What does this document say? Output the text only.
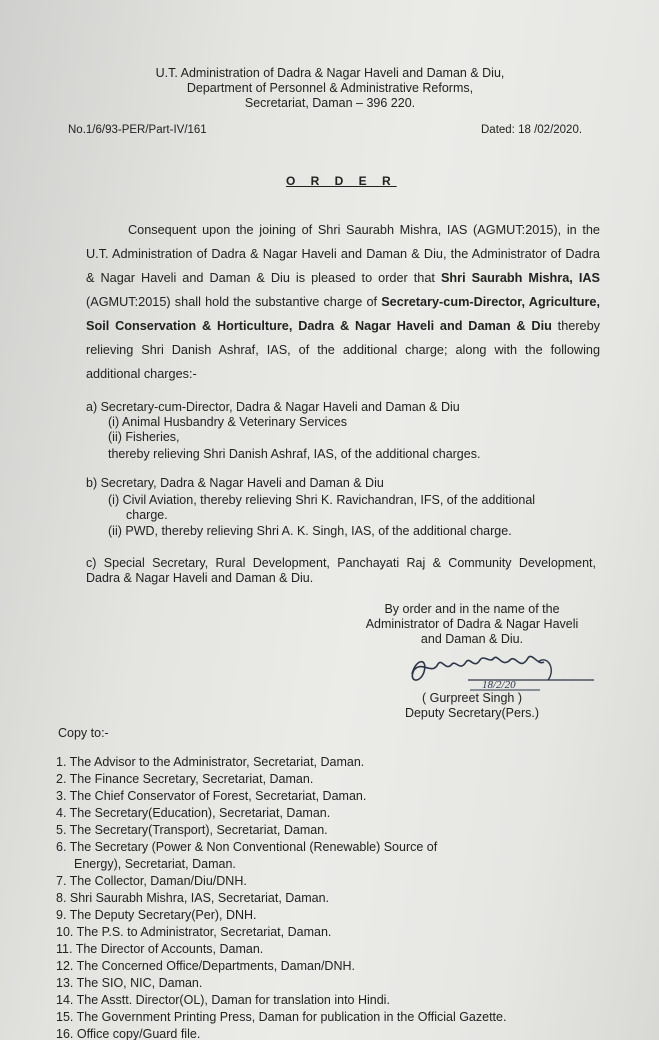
U.T. Administration of Dadra & Nagar Haveli and Daman & Diu,
Department of Personnel & Administrative Reforms,
Secretariat, Daman – 396 220.
No.1/6/93-PER/Part-IV/161	Dated: 18 /02/2020.
O R D E R
Consequent upon the joining of Shri Saurabh Mishra, IAS (AGMUT:2015), in the U.T. Administration of Dadra & Nagar Haveli and Daman & Diu, the Administrator of Dadra & Nagar Haveli and Daman & Diu is pleased to order that Shri Saurabh Mishra, IAS (AGMUT:2015) shall hold the substantive charge of Secretary-cum-Director, Agriculture, Soil Conservation & Horticulture, Dadra & Nagar Haveli and Daman & Diu thereby relieving Shri Danish Ashraf, IAS, of the additional charge; along with the following additional charges:-
a) Secretary-cum-Director, Dadra & Nagar Haveli and Daman & Diu
(i) Animal Husbandry & Veterinary Services
(ii) Fisheries,
thereby relieving Shri Danish Ashraf, IAS, of the additional charges.
b) Secretary, Dadra & Nagar Haveli and Daman & Diu
(i) Civil Aviation, thereby relieving Shri K. Ravichandran, IFS, of the additional
charge.
(ii) PWD, thereby relieving Shri A. K. Singh, IAS, of the additional charge.
c) Special Secretary, Rural Development, Panchayati Raj & Community Development, Dadra & Nagar Haveli and Daman & Diu.
By order and in the name of the
Administrator of Dadra & Nagar Haveli
and Daman & Diu.
18/2/20
( Gurpreet Singh )
Deputy Secretary(Pers.)
Copy to:-
1. The Advisor to the Administrator, Secretariat, Daman.
2. The Finance Secretary, Secretariat, Daman.
3. The Chief Conservator of Forest, Secretariat, Daman.
4. The Secretary(Education), Secretariat, Daman.
5. The Secretary(Transport), Secretariat, Daman.
6. The Secretary (Power & Non Conventional (Renewable) Source of
Energy), Secretariat, Daman.
7. The Collector, Daman/Diu/DNH.
8. Shri Saurabh Mishra, IAS, Secretariat, Daman.
9. The Deputy Secretary(Per), DNH.
10. The P.S. to Administrator, Secretariat, Daman.
11. The Director of Accounts, Daman.
12. The Concerned Office/Departments, Daman/DNH.
13. The SIO, NIC, Daman.
14. The Asstt. Director(OL), Daman for translation into Hindi.
15. The Government Printing Press, Daman for publication in the Official Gazette.
16. Office copy/Guard file.
